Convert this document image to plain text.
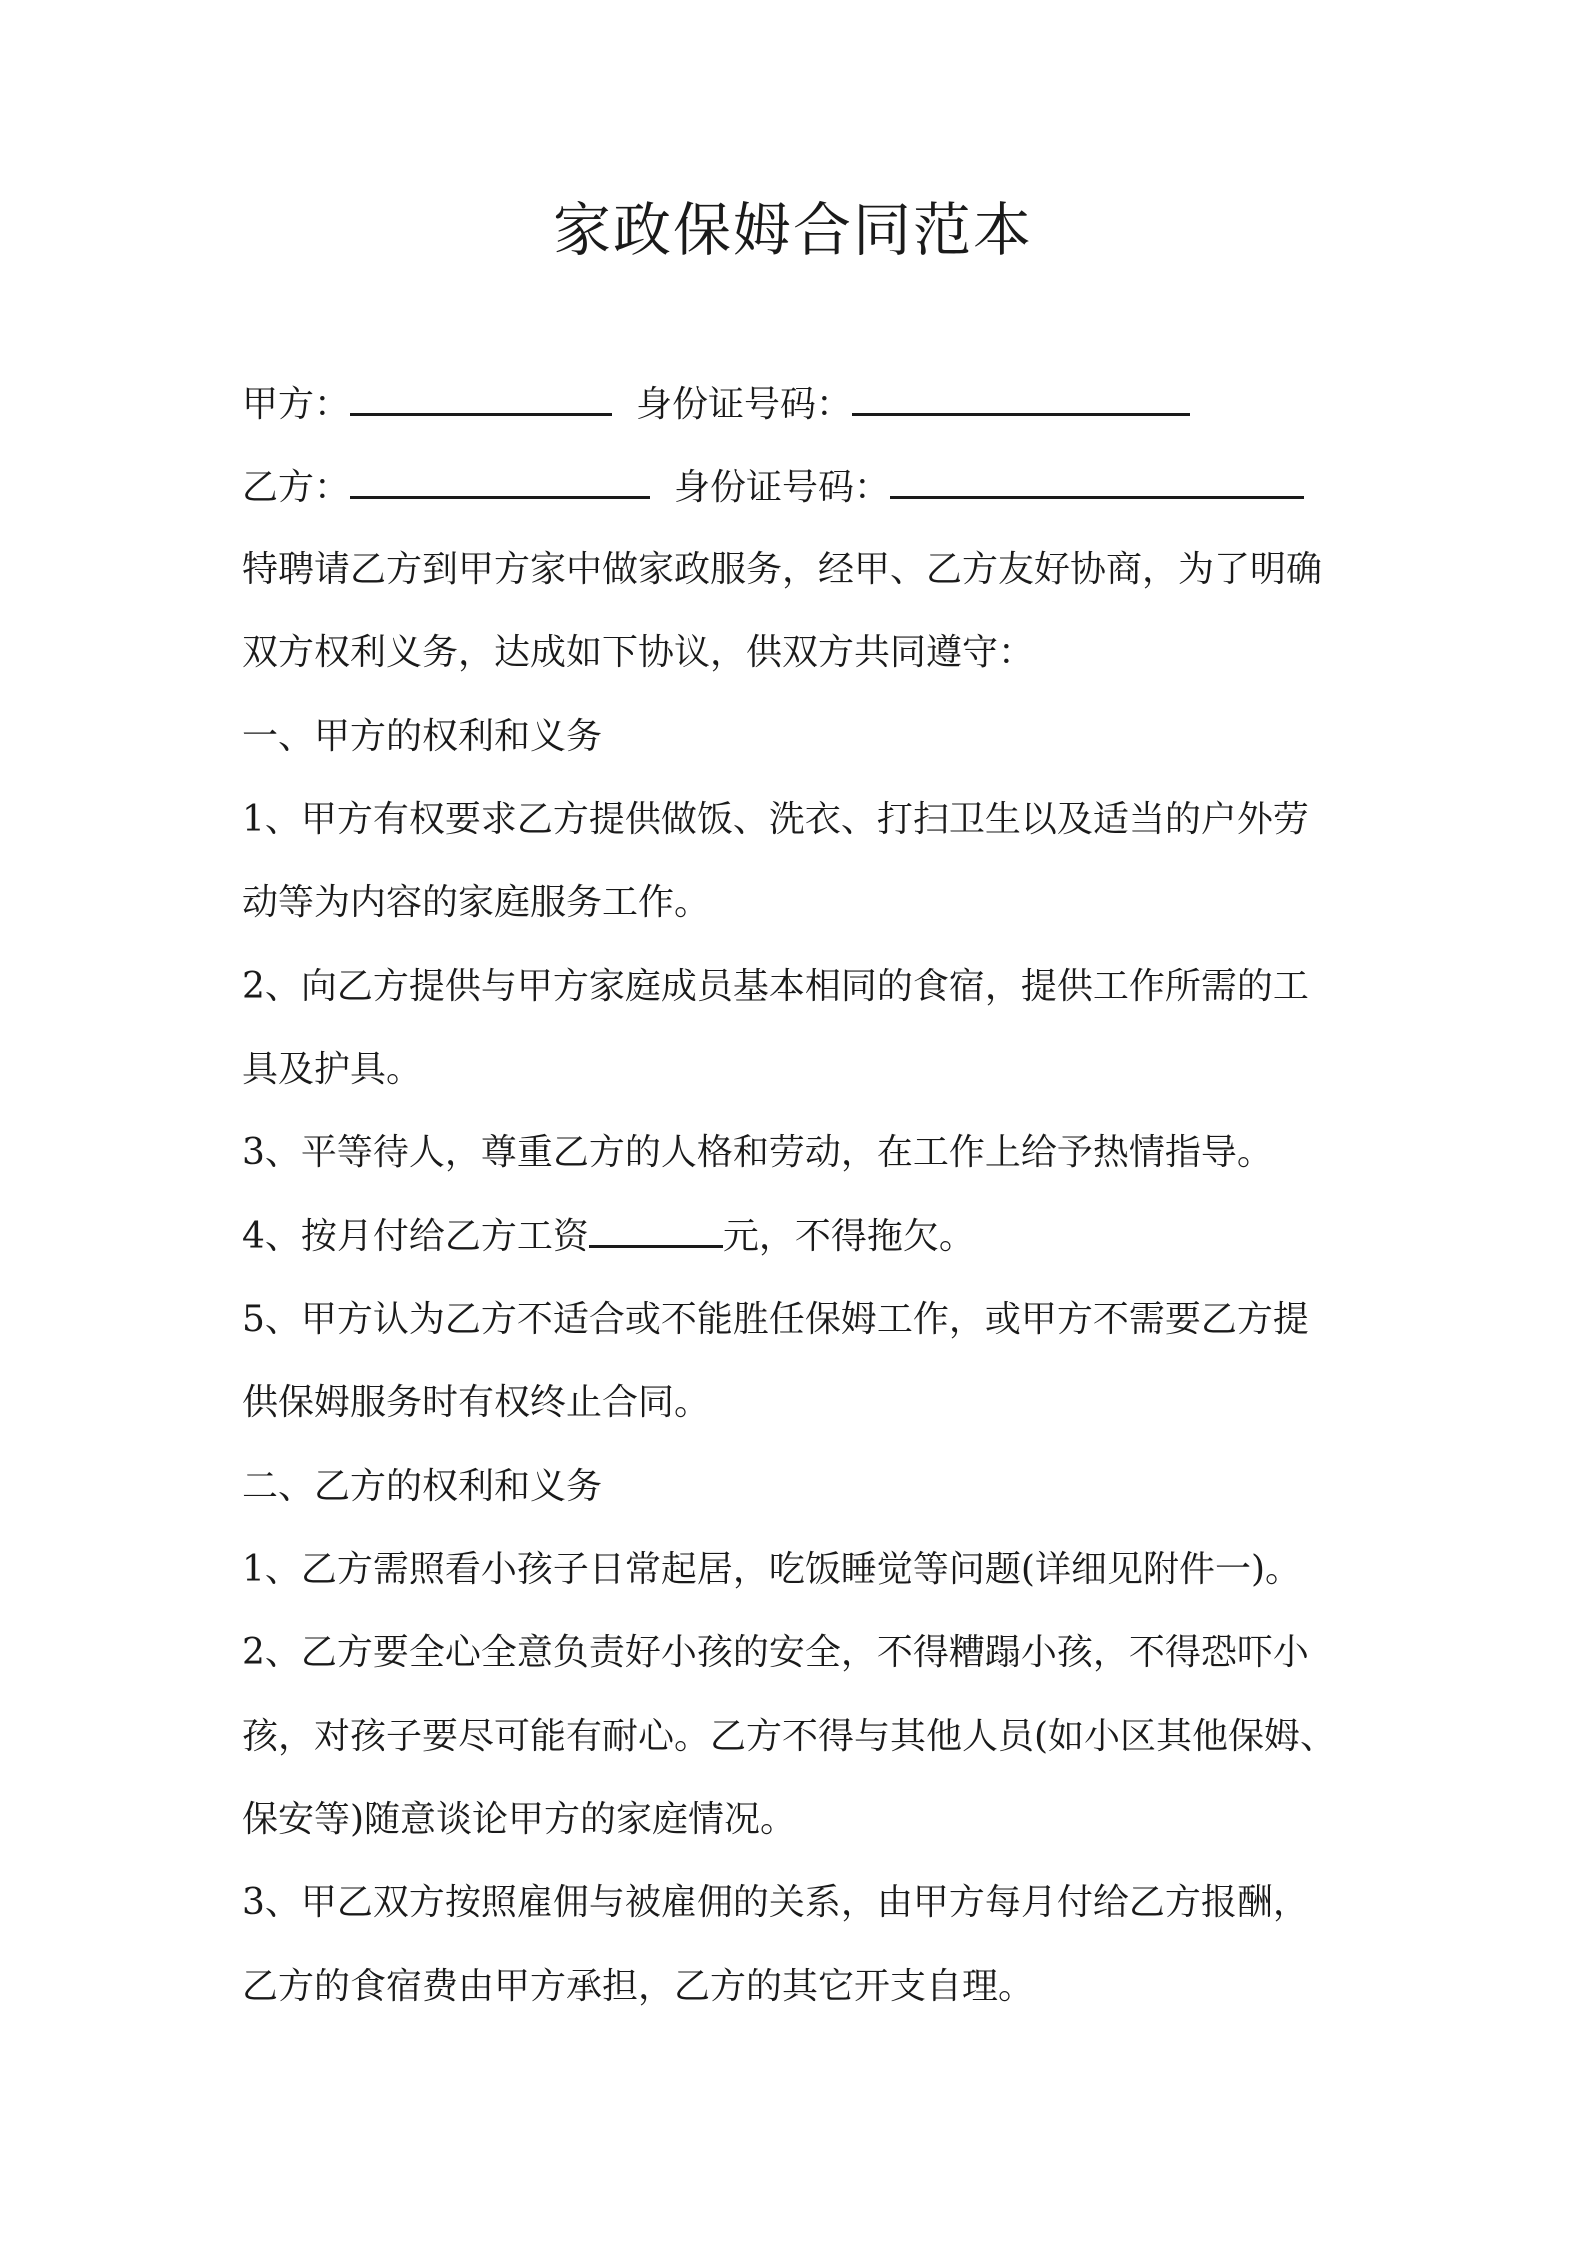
家政保姆合同范本
甲方：	身份证号码：
乙方：	身份证号码：
特聘请乙方到甲方家中做家政服务，经甲、乙方友好协商，为了明确
双方权利义务，达成如下协议，供双方共同遵守：
一、甲方的权利和义务
1、甲方有权要求乙方提供做饭、洗衣、打扫卫生以及适当的户外劳
动等为内容的家庭服务工作。
2、向乙方提供与甲方家庭成员基本相同的食宿，提供工作所需的工
具及护具。
3、平等待人，尊重乙方的人格和劳动，在工作上给予热情指导。
4、按月付给乙方工资	元，不得拖欠。
5、甲方认为乙方不适合或不能胜任保姆工作，或甲方不需要乙方提
供保姆服务时有权终止合同。
二、乙方的权利和义务
1、乙方需照看小孩子日常起居，吃饭睡觉等问题(详细见附件一)。
2、乙方要全心全意负责好小孩的安全，不得糟蹋小孩，不得恐吓小
孩，对孩子要尽可能有耐心。乙方不得与其他人员(如小区其他保姆、
保安等)随意谈论甲方的家庭情况。
3、甲乙双方按照雇佣与被雇佣的关系，由甲方每月付给乙方报酬，
乙方的食宿费由甲方承担，乙方的其它开支自理。
